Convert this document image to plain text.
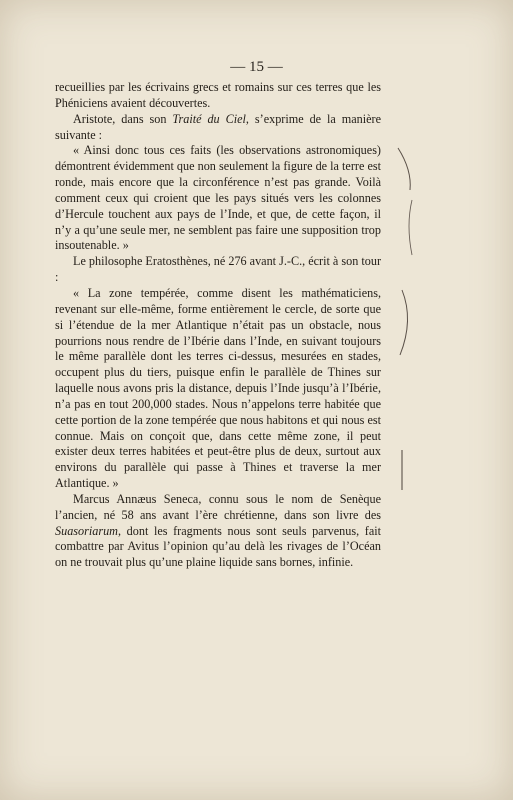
— 15 —

recueillies par les écrivains grecs et romains sur ces terres que les Phéniciens avaient découvertes.

Aristote, dans son Traité du Ciel, s’exprime de la manière suivante :

« Ainsi donc tous ces faits (les observations astronomiques) démontrent évidemment que non seulement la figure de la terre est ronde, mais encore que la circonférence n’est pas grande. Voilà comment ceux qui croient que les pays situés vers les colonnes d’Hercule touchent aux pays de l’Inde, et que, de cette façon, il n’y a qu’une seule mer, ne semblent pas faire une supposition trop insoutenable. »

Le philosophe Eratosthènes, né 276 avant J.-C., écrit à son tour :

« La zone tempérée, comme disent les mathématiciens, revenant sur elle-même, forme entièrement le cercle, de sorte que si l’étendue de la mer Atlantique n’était pas un obstacle, nous pourrions nous rendre de l’Ibérie dans l’Inde, en suivant toujours le même parallèle dont les terres ci-dessus, mesurées en stades, occupent plus du tiers, puisque enfin le parallèle de Thines sur laquelle nous avons pris la distance, depuis l’Inde jusqu’à l’Ibérie, n’a pas en tout 200,000 stades. Nous n’appelons terre habitée que cette portion de la zone tempérée que nous habitons et qui nous est connue. Mais on conçoit que, dans cette même zone, il peut exister deux terres habitées et peut-être plus de deux, surtout aux environs du parallèle qui passe à Thines et traverse la mer Atlantique. »

Marcus Annæus Seneca, connu sous le nom de Senèque l’ancien, né 58 ans avant l’ère chrétienne, dans son livre des Suasoriarum, dont les fragments nous sont seuls parvenus, fait combattre par Avitus l’opinion qu’au delà les rivages de l’Océan on ne trouvait plus qu’une plaine liquide sans bornes, infinie.
